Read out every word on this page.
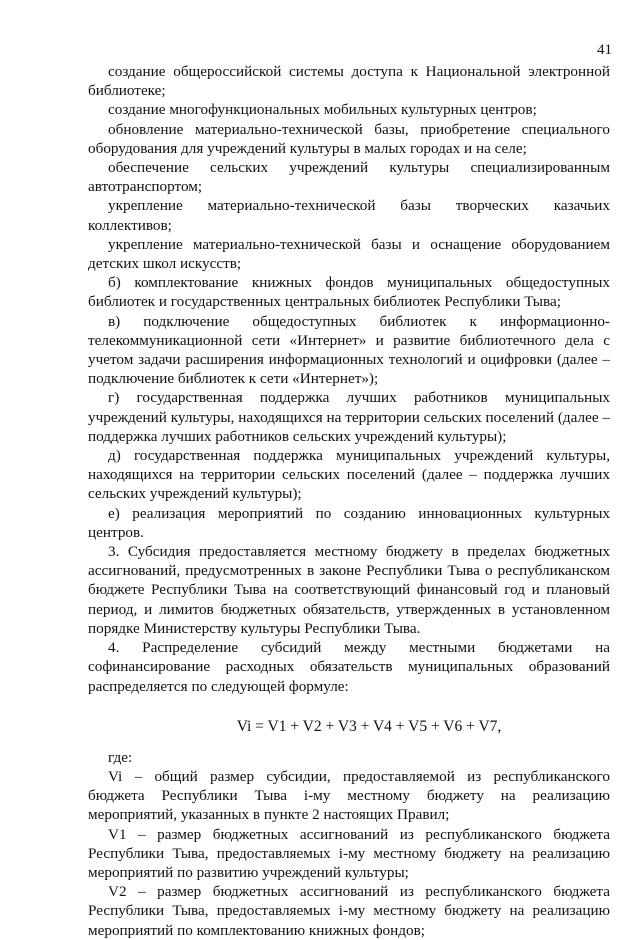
41

создание общероссийской системы доступа к Национальной электронной библиотеке;

создание многофункциональных мобильных культурных центров;

обновление материально-технической базы, приобретение специального оборудования для учреждений культуры в малых городах и на селе;

обеспечение сельских учреждений культуры специализированным автотранспортом;

укрепление материально-технической базы творческих казачьих коллективов;

укрепление материально-технической базы и оснащение оборудованием детских школ искусств;

б) комплектование книжных фондов муниципальных общедоступных библиотек и государственных центральных библиотек Республики Тыва;

в) подключение общедоступных библиотек к информационно-телекоммуникационной сети «Интернет» и развитие библиотечного дела с учетом задачи расширения информационных технологий и оцифровки (далее – подключение библиотек к сети «Интернет»);

г) государственная поддержка лучших работников муниципальных учреждений культуры, находящихся на территории сельских поселений (далее – поддержка лучших работников сельских учреждений культуры);

д) государственная поддержка муниципальных учреждений культуры, находящихся на территории сельских поселений (далее – поддержка лучших сельских учреждений культуры);

е) реализация мероприятий по созданию инновационных культурных центров.

3. Субсидия предоставляется местному бюджету в пределах бюджетных ассигнований, предусмотренных в законе Республики Тыва о республиканском бюджете Республики Тыва на соответствующий финансовый год и плановый период, и лимитов бюджетных обязательств, утвержденных в установленном порядке Министерству культуры Республики Тыва.

4. Распределение субсидий между местными бюджетами на софинансирование расходных обязательств муниципальных образований распределяется по следующей формуле:

Vi = V1 + V2 + V3 + V4 + V5 + V6 + V7,

где:

Vi – общий размер субсидии, предоставляемой из республиканского бюджета Республики Тыва i-му местному бюджету на реализацию мероприятий, указанных в пункте 2 настоящих Правил;

V1 – размер бюджетных ассигнований из республиканского бюджета Республики Тыва, предоставляемых i-му местному бюджету на реализацию мероприятий по развитию учреждений культуры;

V2 – размер бюджетных ассигнований из республиканского бюджета Республики Тыва, предоставляемых i-му местному бюджету на реализацию мероприятий по комплектованию книжных фондов;
